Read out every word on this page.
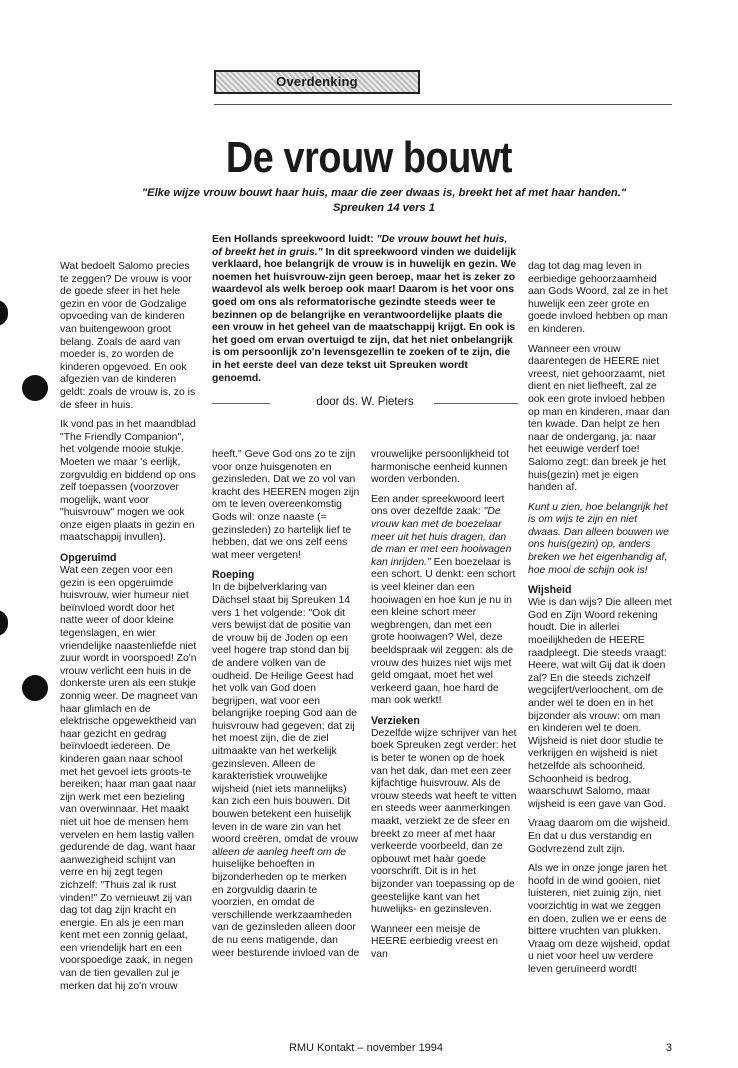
Overdenking
De vrouw bouwt

"Elke wijze vrouw bouwt haar huis, maar die zeer dwaas is, breekt het af met haar handen."

Spreuken 14 vers 1

Een Hollands spreekwoord luidt: "De vrouw bouwt het huis, of breekt het in gruis." In dit spreekwoord vinden we duidelijk verklaard, hoe belangrijk de vrouw is in huwelijk en gezin. We noemen het huisvrouw-zijn geen beroep, maar het is zeker zo waardevol als welk beroep ook maar! Daarom is het voor ons goed om ons als reformatorische gezindte steeds weer te bezinnen op de belangrijke en verantwoordelijke plaats die een vrouw in het geheel van de maatschappij krijgt. En ook is het goed om ervan overtuigd te zijn, dat het niet onbelangrijk is om persoonlijk zo'n levensgezellin te zoeken of te zijn, die in het eerste deel van deze tekst uit Spreuken wordt genoemd.
door ds. W. Pieters

Wat bedoelt Salomo precies te zeggen? De vrouw is voor de goede sfeer in het hele gezin en voor de Godzalige opvoeding van de kinderen van buitengewoon groot belang. Zoals de aard van moeder is, zo worden de kinderen opgevoed. En ook afgezien van de kinderen geldt: zoals de vrouw is, zo is de sfeer in huis.

Ik vond pas in het maandblad "The Friendly Companion", het volgende mooie stukje. Moeten we maar 's eerlijk, zorgvuldig en biddend op ons zelf toepassen (voorzover mogelijk, want voor "huisvrouw" mogen we ook onze eigen plaats in gezin en maatschappij invullen).

Opgeruimd

Wat een zegen voor een gezin is een opgeruimde huisvrouw, wier humeur niet beïnvloed wordt door het natte weer of door kleine tegenslagen, en wier vriendelijke naastenliefde niet zuur wordt in voorspoed! Zo'n vrouw verlicht een huis in de donkerste uren als een stukje zonnig weer. De magneet van haar glimlach en de elektrische opgewektheid van haar gezicht en gedrag beïnvloedt iedereen. De kinderen gaan naar school met het gevoel iets groots-te bereiken; haar man gaat naar zijn werk met een bezieling van overwinnaar. Het maakt niet uit hoe de mensen hem vervelen en hem lastig vallen gedurende de dag, want haar aanwezigheid schijnt van verre en hij zegt tegen zichzelf: "Thuis zal ik rust vinden!" Zo vernieuwt zij van dag tot dag zijn kracht en energie. En als je een man kent met een zonnig gelaat, een vriendelijk hart en een voorspoedige zaak, in negen van de tien gevallen zul je merken dat hij zo'n vrouw

heeft." Geve God ons zo te zijn voor onze huisgenoten en gezinsleden. Dat we zo vol van kracht des HEEREN mogen zijn om te leven overeenkomstig Gods wil: onze naaste (= gezinsleden) zo hartelijk lief te hebben, dat we ons zelf eens wat meer vergeten!

Roeping

In de bijbelverklaring van Dächsel staat bij Spreuken 14 vers 1 het volgende: "Ook dit vers bewijst dat de positie van de vrouw bij de Joden op een veel hogere trap stond dan bij de andere volken van de oudheid. De Heilige Geest had het volk van God doen begrijpen, wat voor een belangrijke roeping God aan de huisvrouw had gegeven; dat zij het moest zijn, die de ziel uitmaakte van het werkelijk gezinsleven. Alleen de karakteristiek vrouwelijke wijsheid (niet iets mannelijks) kan zich een huis bouwen. Dit bouwen betekent een huiselijk leven in de ware zin van het woord creëren, omdat de vrouw alleen de aanleg heeft om de huiselijke behoeften in bijzonderheden op te merken en zorgvuldig daarin te voorzien, en omdat de verschillende werkzaamheden van de gezinsleden alleen door de nu eens matigende, dan weer besturende invloed van de

vrouwelijke persoonlijkheid tot harmonische eenheid kunnen worden verbonden.

Een ander spreekwoord leert ons over dezelfde zaak: "De vrouw kan met de boezelaar meer uit het huis dragen, dan de man er met een hooiwagen kan inrijden." Een boezelaar is een schort. U denkt: een schort is veel kleiner dan een hooiwagen en hoe kun je nu in een kleine schort meer wegbrengen, dan met een grote hooiwagen? Wel, deze beeldspraak wil zeggen: als de vrouw des huizes niet wijs met geld omgaat, moet het wel verkeerd gaan, hoe hard de man ook werkt!

Verzieken

Dezelfde wijze schrijver van het boek Spreuken zegt verder: het is beter te wonen op de hoek van het dak, dan met een zeer kijfachtige huisvrouw. Als de vrouw steeds wat heeft te vitten en steeds weer aanmerkingen maakt, verziekt ze de sfeer en breekt zo meer af met haar verkeerde voorbeeld, dan ze opbouwt met haàr goede voorschrift. Dit is in het bijzonder van toepassing op de geestelijke kant van het huwelijks- en gezinsleven.

Wanneer een meisje de HEERE eerbiedig vreest en van

dag tot dag mag leven in eerbiedige gehoorzaamheid aan Gods Woord, zal ze in het huwelijk een zeer grote en goede invloed hebben op man en kinderen.

Wanneer een vrouw daarentegen de HEERE niet vreest, niet gehoorzaamt, niet dient en niet liefheeft, zal ze ook een grote invloed hebben op man en kinderen, maar dan ten kwade. Dan helpt ze hen naar de ondergang, ja: naar het eeuwige verderf toe! Salomo zegt: dan breek je het huis(gezin) met je eigen handen af.

Kunt u zien, hoe belangrijk het is om wijs te zijn en niet dwaas. Dan alleen bouwen we ons huis(gezin) op, anders breken we het eigenhandig af, hoe mooi de schijn ook is!

Wijsheid

Wie is dan wijs? Die alleen met God en Zijn Woord rekening houdt. Die in allerlei moeilijkheden de HEERE raadpleegt. Die steeds vraagt: Heere, wat wilt Gij dat ik doen zal? En die steeds zichzelf wegcijfert/verloochent, om de ander wel te doen en in het bijzonder als vrouw: om man en kinderen wel te doen. Wijsheid is niet door studie te verkrijgen en wijsheid is niet hetzelfde als schoonheid. Schoonheid is bedrog, waarschuwt Salomo, maar wijsheid is een gave van God.

Vraag daarom om die wijsheid. En dat u dus verstandig en Godvrezend zult zijn.

Als we in onze jonge jaren het hoofd in de wind gooien, niet luisteren, niet zuinig zijn, niet voorzichtig in wat we zeggen en doen, zullen we er eens de bittere vruchten van plukken. Vraag om deze wijsheid, opdat u niet voor heel uw verdere leven geruïneerd wordt!

RMU Kontakt – november 1994	3
